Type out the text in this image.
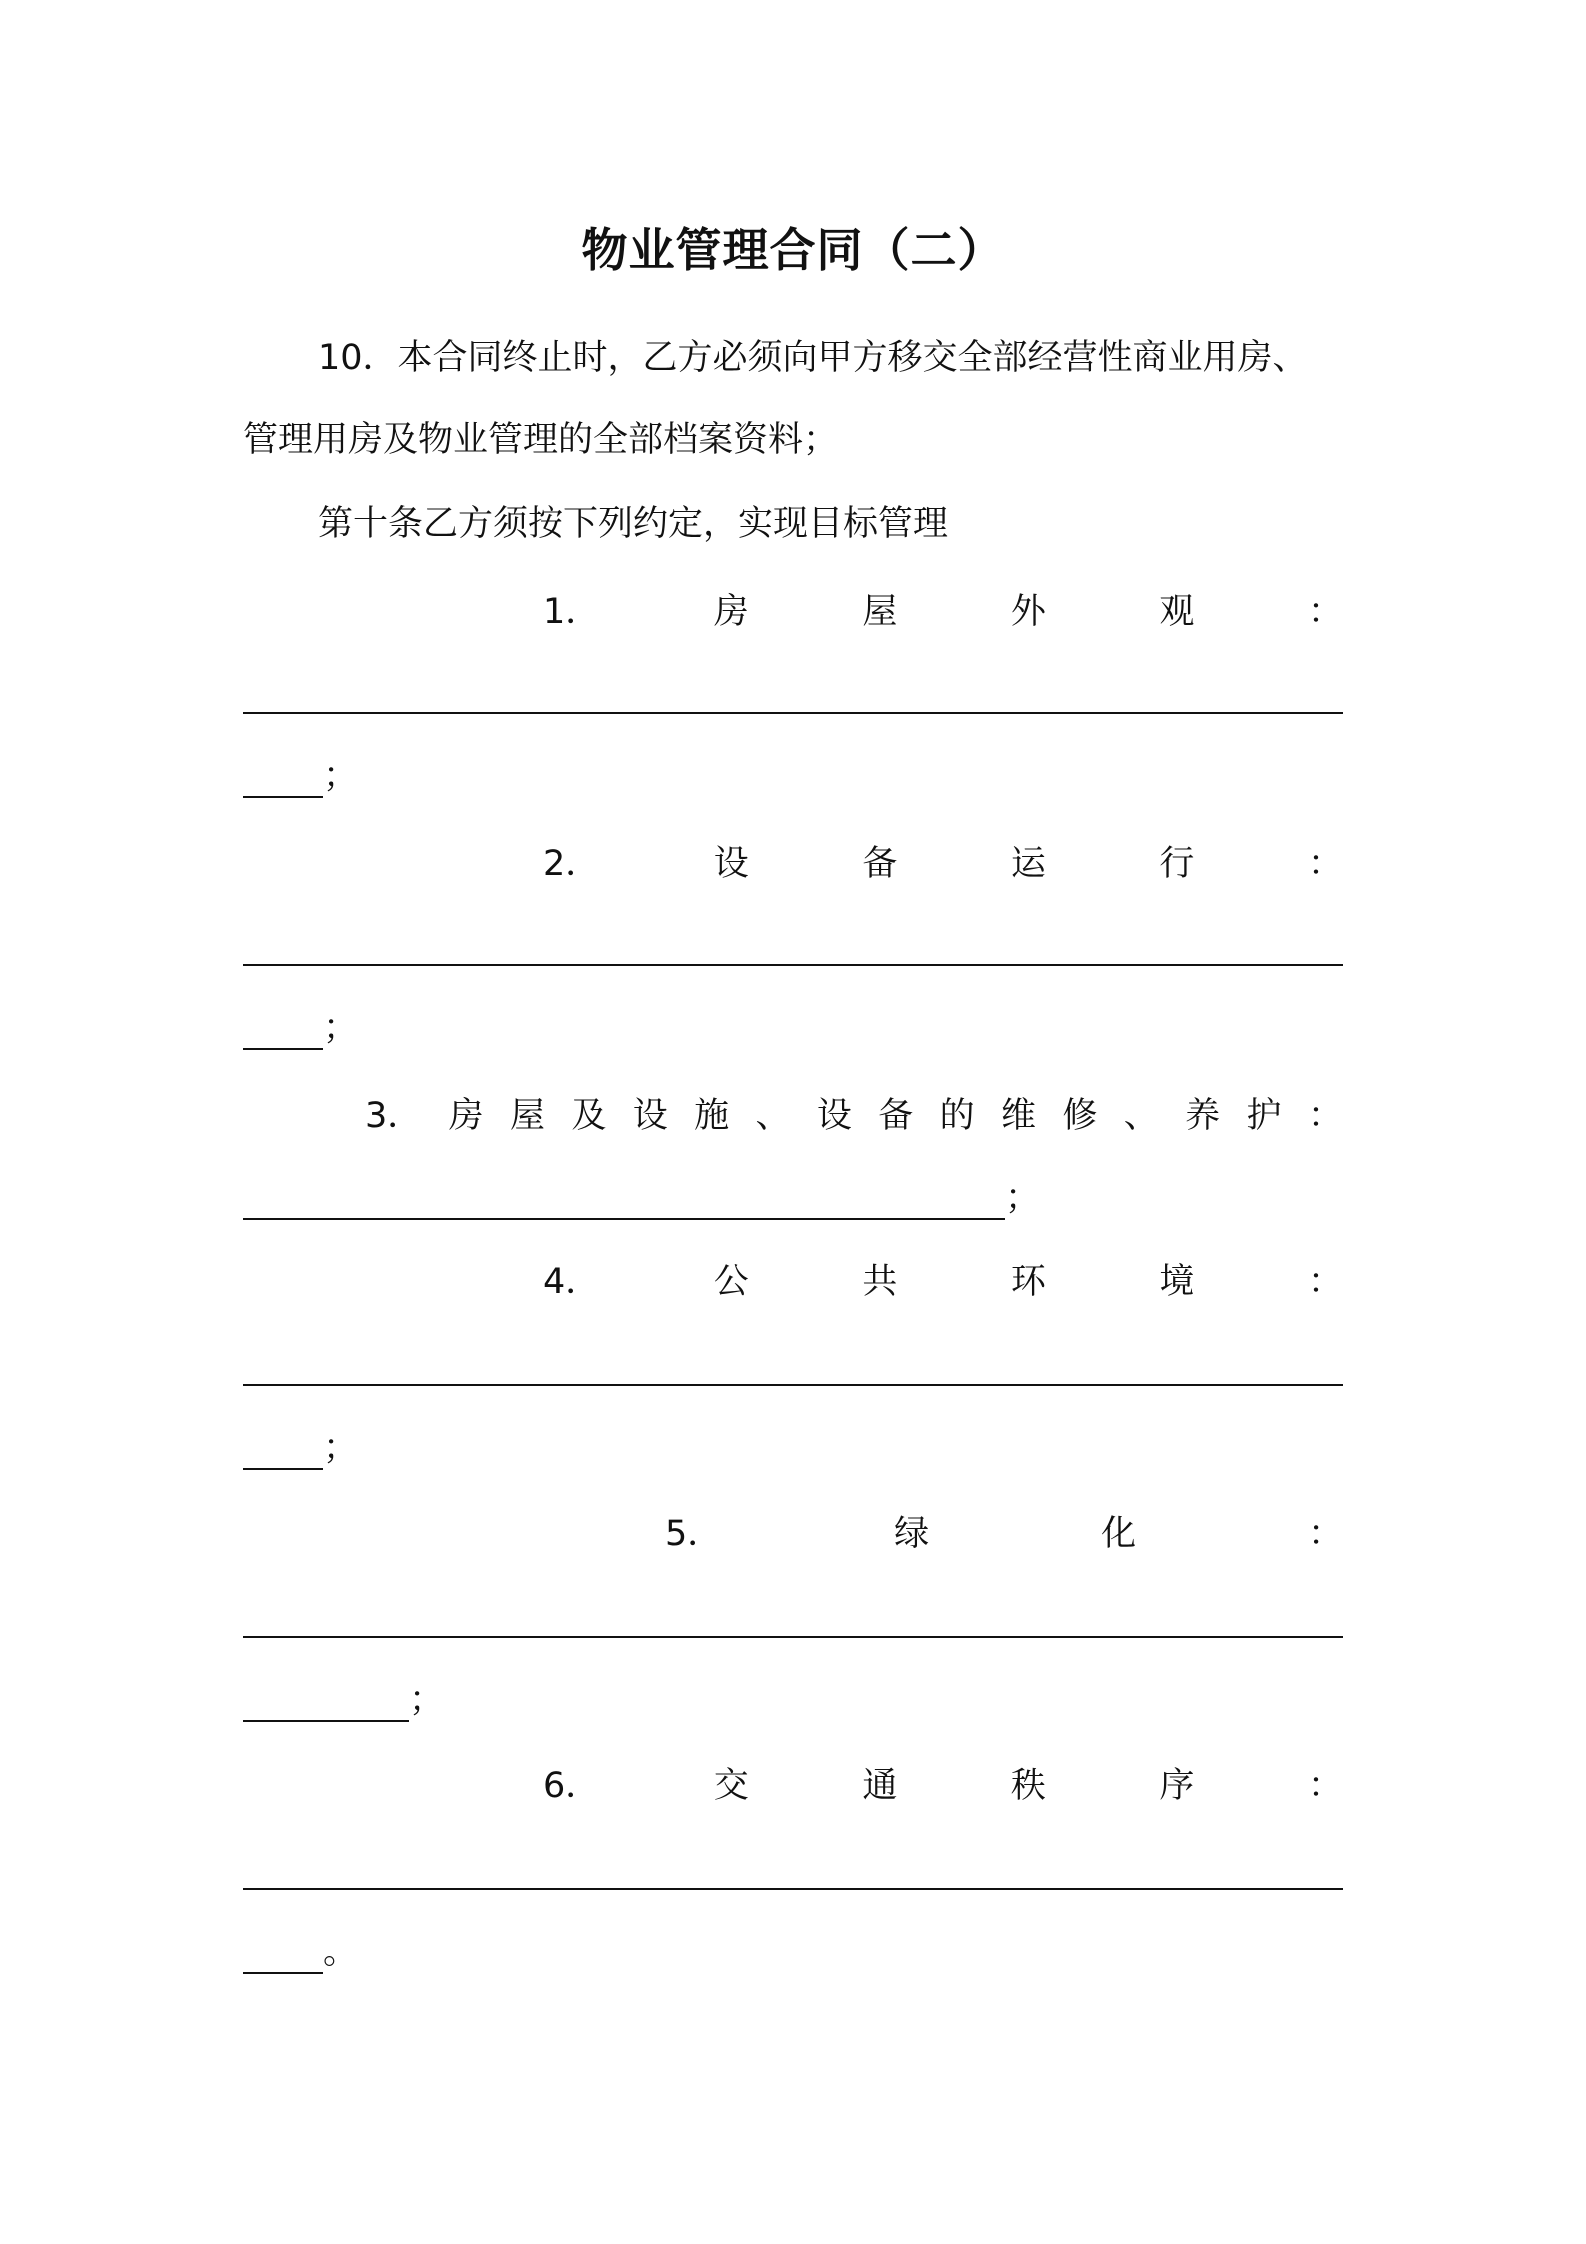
物业管理合同（二）
10．本合同终止时，乙方必须向甲方移交全部经营性商业用房、
管理用房及物业管理的全部档案资料；
第十条乙方须按下列约定，实现目标管理
1．	房	屋	外	观	：
；
2．	设	备	运	行	：
；
3． 房 屋 及 设 施 、 设 备 的 维 修 、 养 护 ：
；
4．	公	共	环	境	：
；
5．	绿	化	：
；
6．	交	通	秩	序	：
。
